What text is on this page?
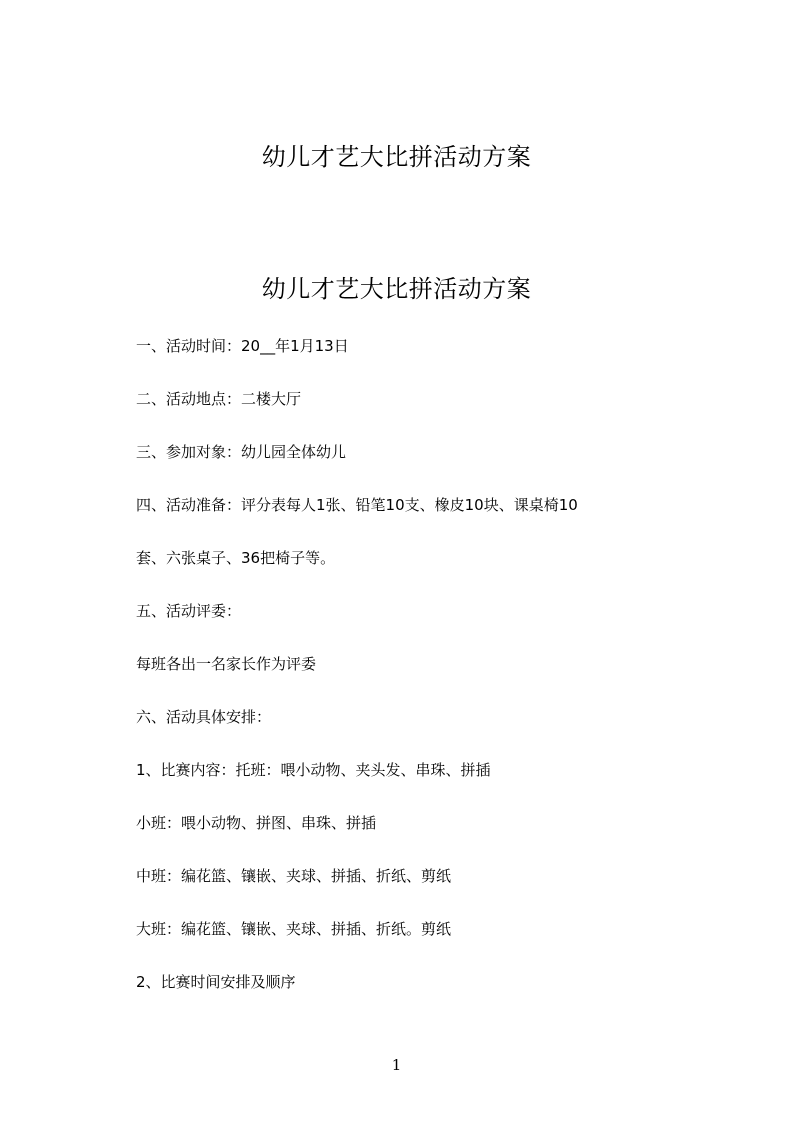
幼儿才艺大比拼活动方案
幼儿才艺大比拼活动方案

一、活动时间：20__年1月13日

二、活动地点：二楼大厅

三、参加对象：幼儿园全体幼儿

四、活动准备：评分表每人1张、铅笔10支、橡皮10块、课桌椅10

套、六张桌子、36把椅子等。

五、活动评委：

每班各出一名家长作为评委

六、活动具体安排：

1、比赛内容：托班：喂小动物、夹头发、串珠、拼插

小班：喂小动物、拼图、串珠、拼插

中班：编花篮、镶嵌、夹球、拼插、折纸、剪纸

大班：编花篮、镶嵌、夹球、拼插、折纸。剪纸

2、比赛时间安排及顺序

1
